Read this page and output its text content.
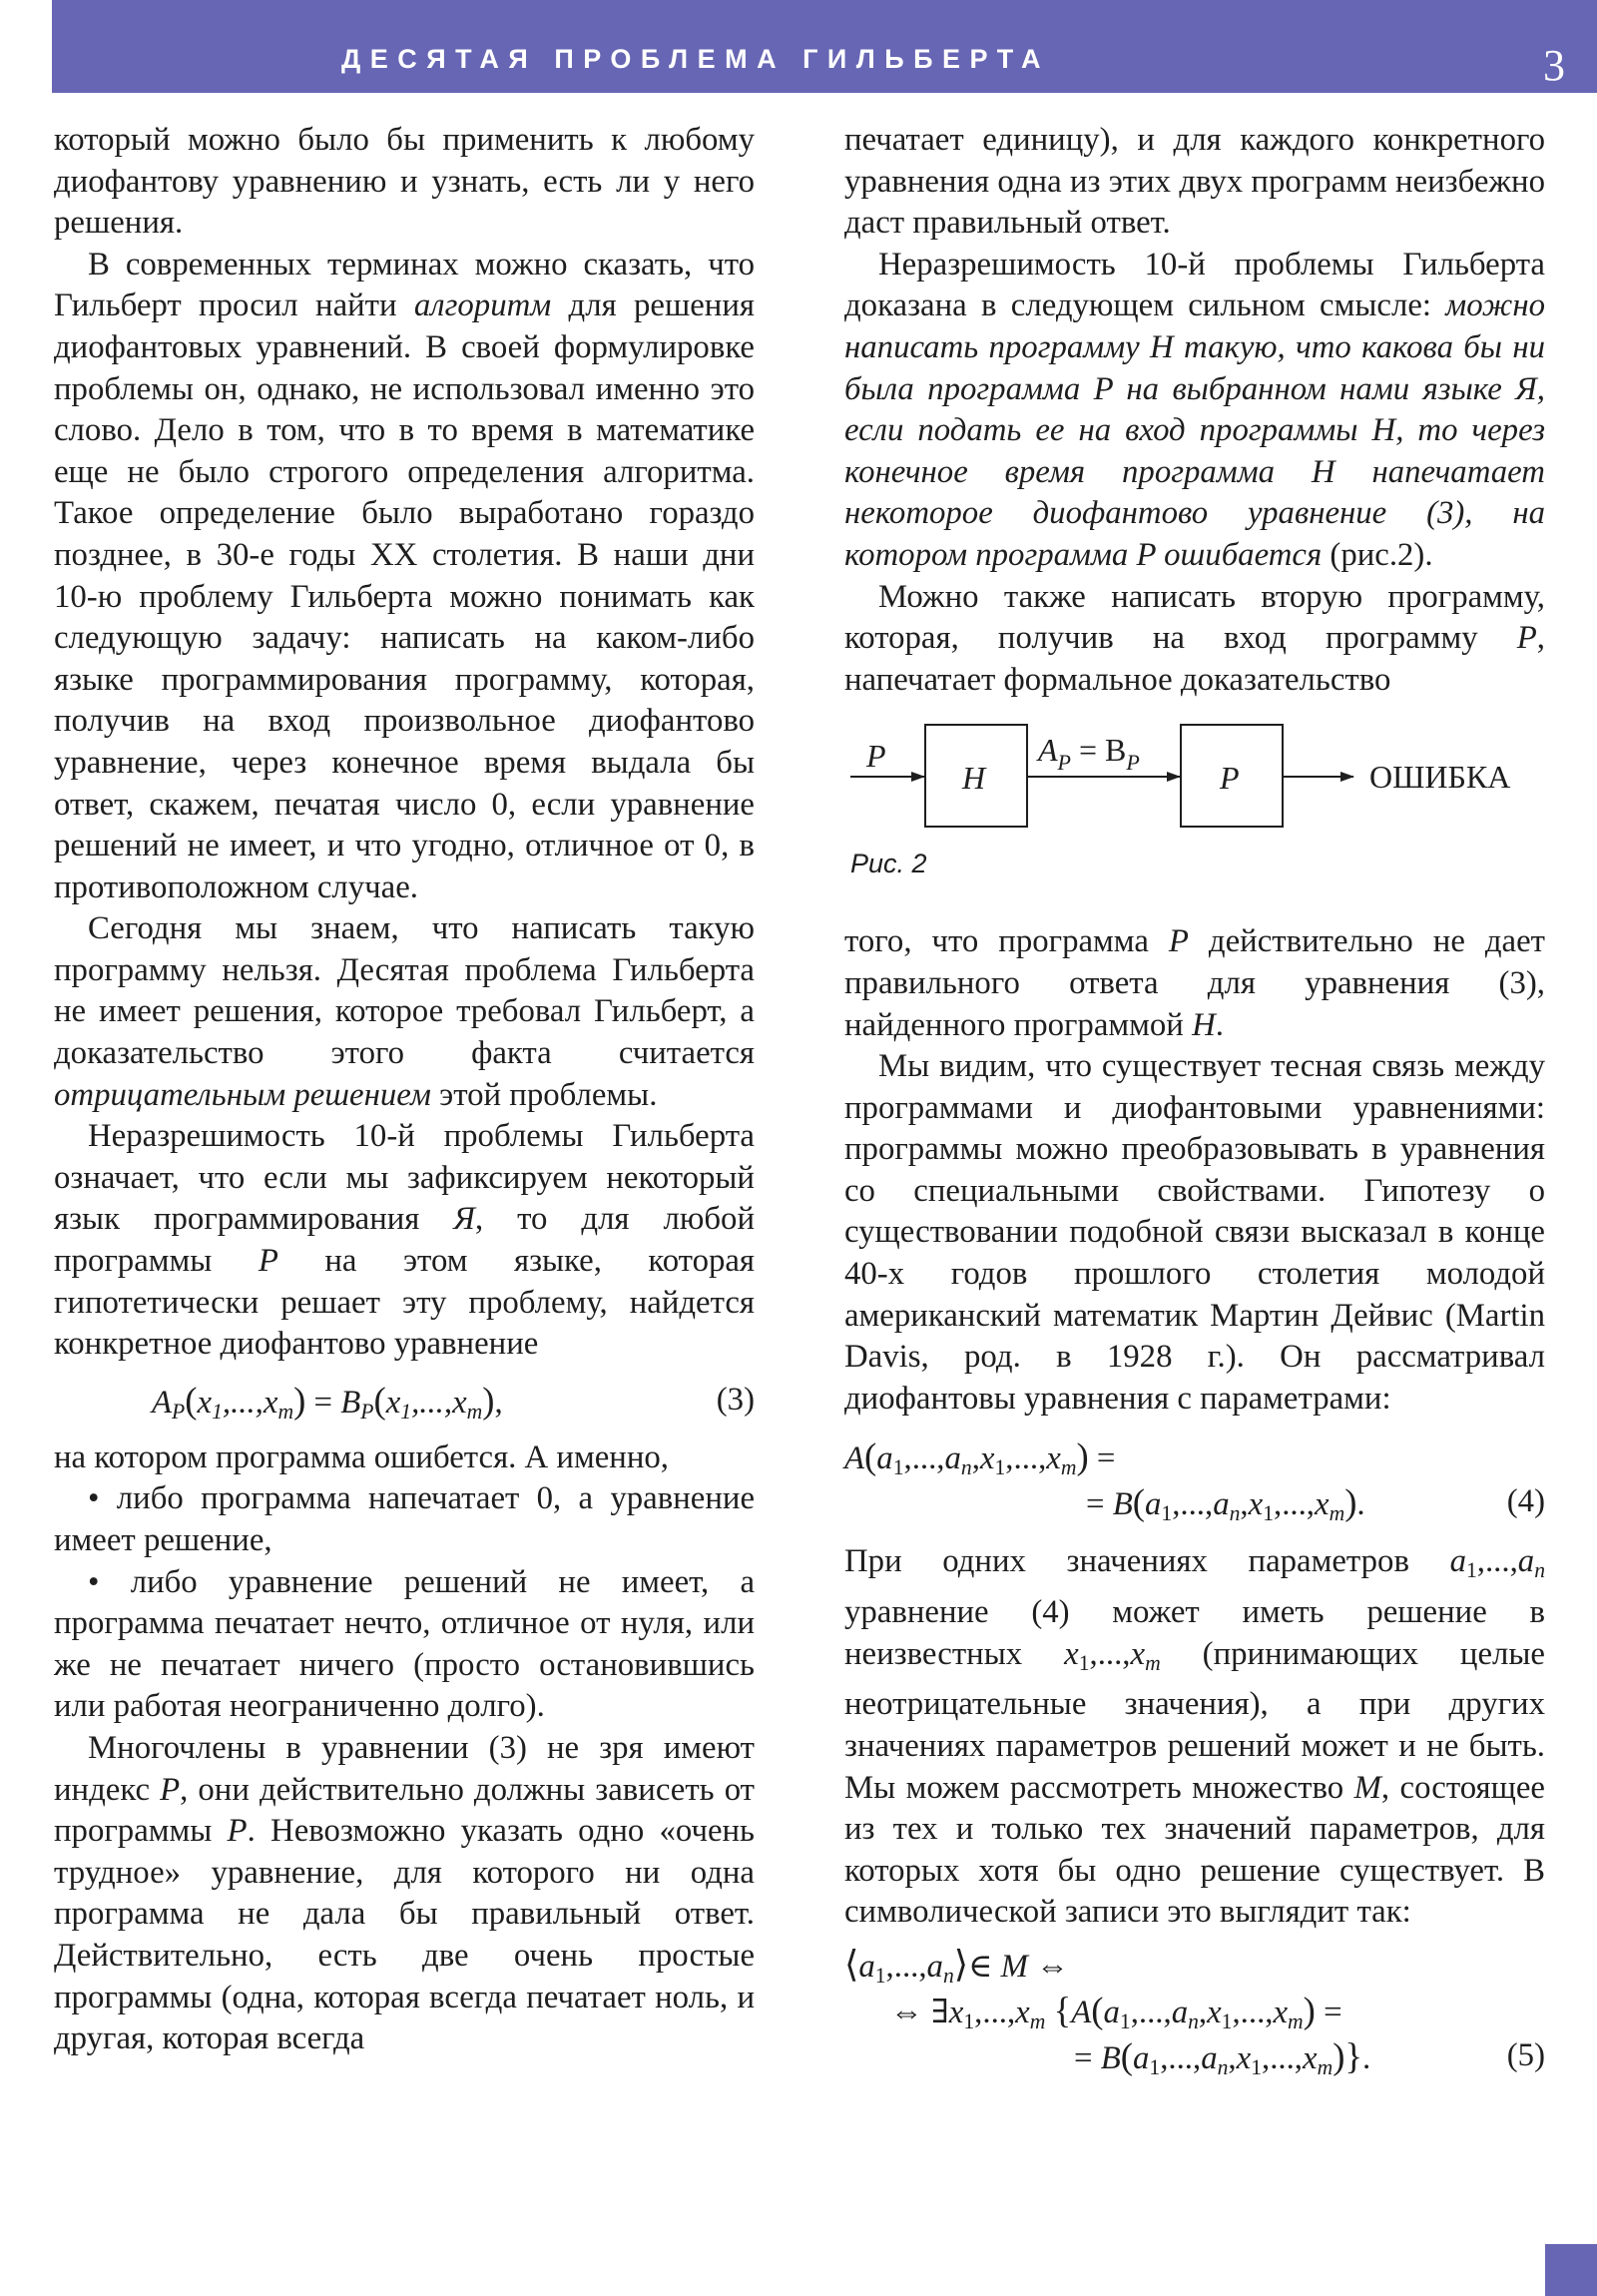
ДЕСЯТАЯ ПРОБЛЕМА ГИЛЬБЕРТА	3

который можно было бы применить к любому диофантову уравнению и узнать, есть ли у него решения.

В современных терминах можно сказать, что Гильберт просил найти алгоритм для решения диофантовых уравнений. В своей формулировке проблемы он, однако, не использовал именно это слово. Дело в том, что в то время в математике еще не было строгого определения алгоритма. Такое определение было выработано гораздо позднее, в 30-е годы XX столетия. В наши дни 10-ю проблему Гильберта можно понимать как следующую задачу: написать на каком-либо языке программирования программу, которая, получив на вход произвольное диофантово уравнение, через конечное время выдала бы ответ, скажем, печатая число 0, если уравнение решений не имеет, и что угодно, отличное от 0, в противоположном случае.

Сегодня мы знаем, что написать такую программу нельзя. Десятая проблема Гильберта не имеет решения, которое требовал Гильберт, а доказательство этого факта считается отрицательным решением этой проблемы.

Неразрешимость 10-й проблемы Гильберта означает, что если мы зафиксируем некоторый язык программирования Я, то для любой программы P на этом языке, которая гипотетически решает эту проблему, найдется конкретное диофантово уравнение

$A_P(x1,...,x_m) = B_P(x1,...,x_m)$,	(3)

на котором программа ошибется. А именно,

• либо программа напечатает 0, а уравнение имеет решение,

• либо уравнение решений не имеет, а программа печатает нечто, отличное от нуля, или же не печатает ничего (просто остановившись или работая неограниченно долго).

Многочлены в уравнении (3) не зря имеют индекс P, они действительно должны зависеть от программы P. Невозможно указать одно «очень трудное» уравнение, для которого ни одна программа не дала бы правильный ответ. Действительно, есть две очень простые программы (одна, которая всегда печатает ноль, и другая, которая всегда

печатает единицу), и для каждого конкретного уравнения одна из этих двух программ неизбежно даст правильный ответ.

Неразрешимость 10-й проблемы Гильберта доказана в следующем сильном смысле: можно написать программу H такую, что какова бы ни была программа P на выбранном нами языке Я, если подать ее на вход программы H, то через конечное время программа H напечатает некоторое диофантово уравнение (3), на котором программа P ошибается (рис.2).

Можно также написать вторую программу, которая, получив на вход программу P, напечатает формальное доказательство

P
H
$A_P = B_P$	P	ОШИБКА
Рис. 2

того, что программа P действительно не дает правильного ответа для уравнения (3), найденного программой H.

Мы видим, что существует тесная связь между программами и диофантовыми уравнениями: программы можно преобразовывать в уравнения со специальными свойствами. Гипотезу о существовании подобной связи высказал в конце 40-х годов прошлого столетия молодой американский математик Мартин Дейвис (Martin Davis, род. в 1928 г.). Он рассматривал диофантовы уравнения с параметрами:

$A(a1,...,a_n,x1,...,x_m)$ =
= $B(a1,...,a_n,x1,...,x_m)$.	(4)

При одних значениях параметров $a1,...,a_n$ уравнение (4) может иметь решение в неизвестных $x1,...,x_m$ (принимающих целые неотрицательные значения), а при других значениях параметров решений может и не быть. Мы можем рассмотреть множество M, состоящее из тех и только тех значений параметров, для которых хотя бы одно решение существует. В символической записи это выглядит так:

$⟨a1,...,a_n⟩\in$ M ⇔
⇔ $\exists x1,...,x_m$ {$A(a1,...,a_n,x1,...,x_m)$ =
= $B(a1,...,a_n,x1,...,x_m)$}.	(5)
